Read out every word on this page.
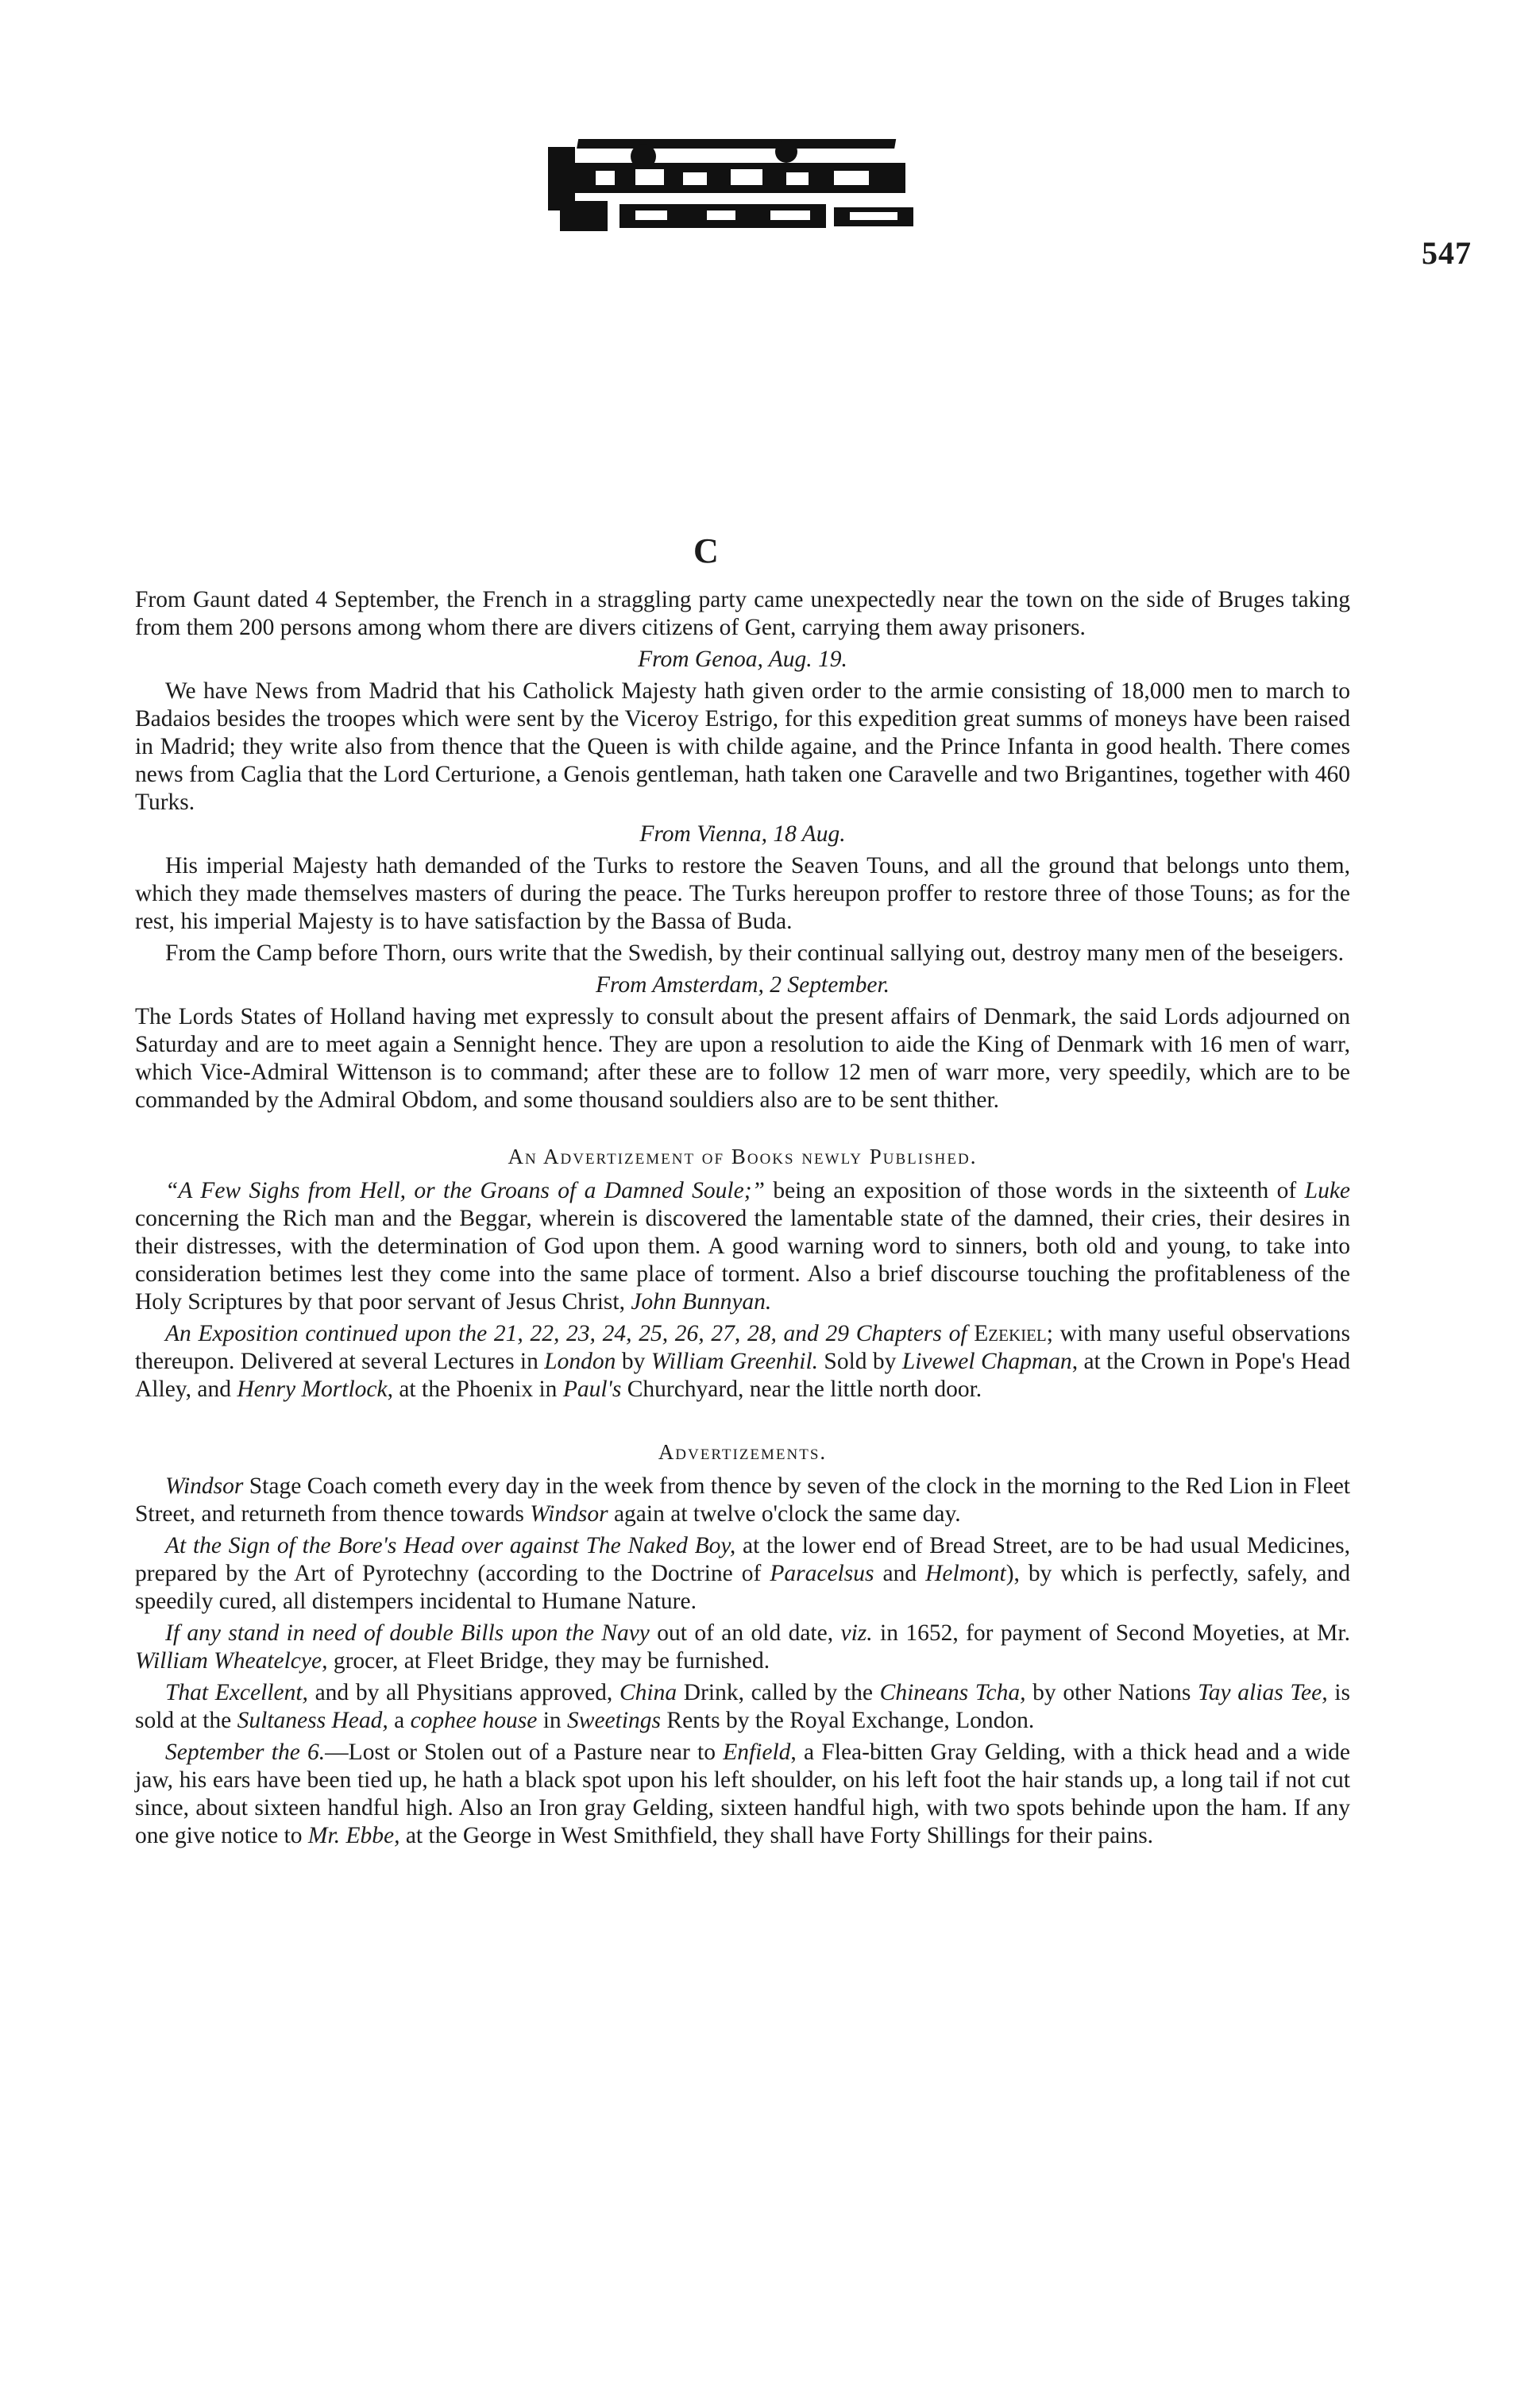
547
C

From Gaunt dated 4 September, the French in a straggling party came unexpectedly near the town on the side of Bruges taking from them 200 persons among whom there are divers citizens of Gent, carrying them away prisoners.

From Genoa, Aug. 19.

We have News from Madrid that his Catholick Majesty hath given order to the armie consisting of 18,000 men to march to Badaios besides the troopes which were sent by the Viceroy Estrigo, for this expedition great summs of moneys have been raised in Madrid; they write also from thence that the Queen is with childe againe, and the Prince Infanta in good health. There comes news from Caglia that the Lord Certurione, a Genois gentleman, hath taken one Caravelle and two Brigantines, together with 460 Turks.

From Vienna, 18 Aug.

His imperial Majesty hath demanded of the Turks to restore the Seaven Touns, and all the ground that belongs unto them, which they made themselves masters of during the peace. The Turks hereupon proffer to restore three of those Touns; as for the rest, his imperial Majesty is to have satisfaction by the Bassa of Buda.

From the Camp before Thorn, ours write that the Swedish, by their continual sallying out, destroy many men of the beseigers.

From Amsterdam, 2 September.

The Lords States of Holland having met expressly to consult about the present affairs of Denmark, the said Lords adjourned on Saturday and are to meet again a Sennight hence. They are upon a resolution to aide the King of Denmark with 16 men of warr, which Vice-Admiral Wittenson is to command; after these are to follow 12 men of warr more, very speedily, which are to be commanded by the Admiral Obdom, and some thousand souldiers also are to be sent thither.

An Advertizement of Books newly Published.

“A Few Sighs from Hell, or the Groans of a Damned Soule;” being an exposition of those words in the sixteenth of Luke concerning the Rich man and the Beggar, wherein is discovered the lamentable state of the damned, their cries, their desires in their distresses, with the determination of God upon them. A good warning word to sinners, both old and young, to take into consideration betimes lest they come into the same place of torment. Also a brief discourse touching the profitableness of the Holy Scriptures by that poor servant of Jesus Christ, John Bunnyan.

An Exposition continued upon the 21, 22, 23, 24, 25, 26, 27, 28, and 29 Chapters of Ezekiel; with many useful observations thereupon. Delivered at several Lectures in London by William Greenhil. Sold by Livewel Chapman, at the Crown in Pope's Head Alley, and Henry Mortlock, at the Phoenix in Paul's Churchyard, near the little north door.

Advertizements.

Windsor Stage Coach cometh every day in the week from thence by seven of the clock in the morning to the Red Lion in Fleet Street, and returneth from thence towards Windsor again at twelve o'clock the same day.

At the Sign of the Bore's Head over against The Naked Boy, at the lower end of Bread Street, are to be had usual Medicines, prepared by the Art of Pyrotechny (according to the Doctrine of Paracelsus and Helmont), by which is perfectly, safely, and speedily cured, all distempers incidental to Humane Nature.

If any stand in need of double Bills upon the Navy out of an old date, viz. in 1652, for payment of Second Moyeties, at Mr. William Wheatelcye, grocer, at Fleet Bridge, they may be furnished.

That Excellent, and by all Physitians approved, China Drink, called by the Chineans Tcha, by other Nations Tay alias Tee, is sold at the Sultaness Head, a cophee house in Sweetings Rents by the Royal Exchange, London.

September the 6.—Lost or Stolen out of a Pasture near to Enfield, a Flea-bitten Gray Gelding, with a thick head and a wide jaw, his ears have been tied up, he hath a black spot upon his left shoulder, on his left foot the hair stands up, a long tail if not cut since, about sixteen handful high. Also an Iron gray Gelding, sixteen handful high, with two spots behinde upon the ham. If any one give notice to Mr. Ebbe, at the George in West Smithfield, they shall have Forty Shillings for their pains.
